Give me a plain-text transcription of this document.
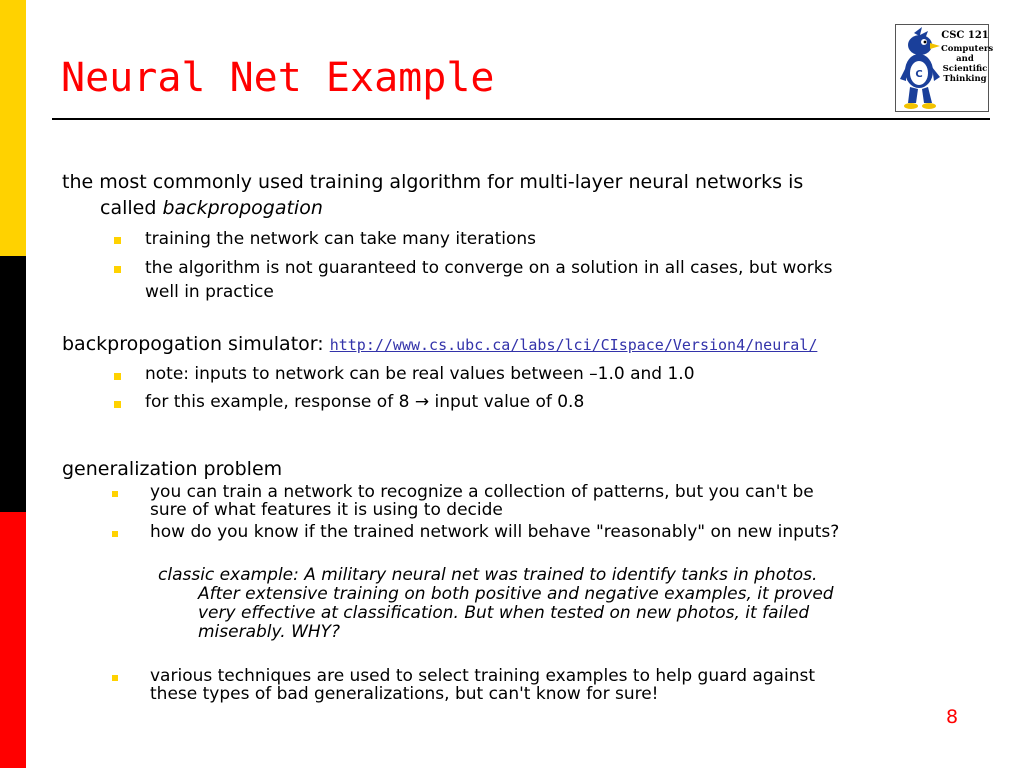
Neural Net Example	C
CSC 121
Computers
and
Scientific
Thinking
the most commonly used training algorithm for multi-layer neural networks is
called backpropogation
training the network can take many iterations
the algorithm is not guaranteed to converge on a solution in all cases, but works
well in practice
backpropogation simulator: http://www.cs.ubc.ca/labs/lci/CIspace/Version4/neural/
note: inputs to network can be real values between –1.0 and 1.0
for this example, response of 8 → input value of 0.8
generalization problem
you can train a network to recognize a collection of patterns, but you can't be
sure of what features it is using to decide
how do you know if the trained network will behave "reasonably" on new inputs?
classic example: A military neural net was trained to identify tanks in photos.
After extensive training on both positive and negative examples, it proved
very effective at classification. But when tested on new photos, it failed
miserably. WHY?
various techniques are used to select training examples to help guard against
these types of bad generalizations, but can't know for sure!
8
